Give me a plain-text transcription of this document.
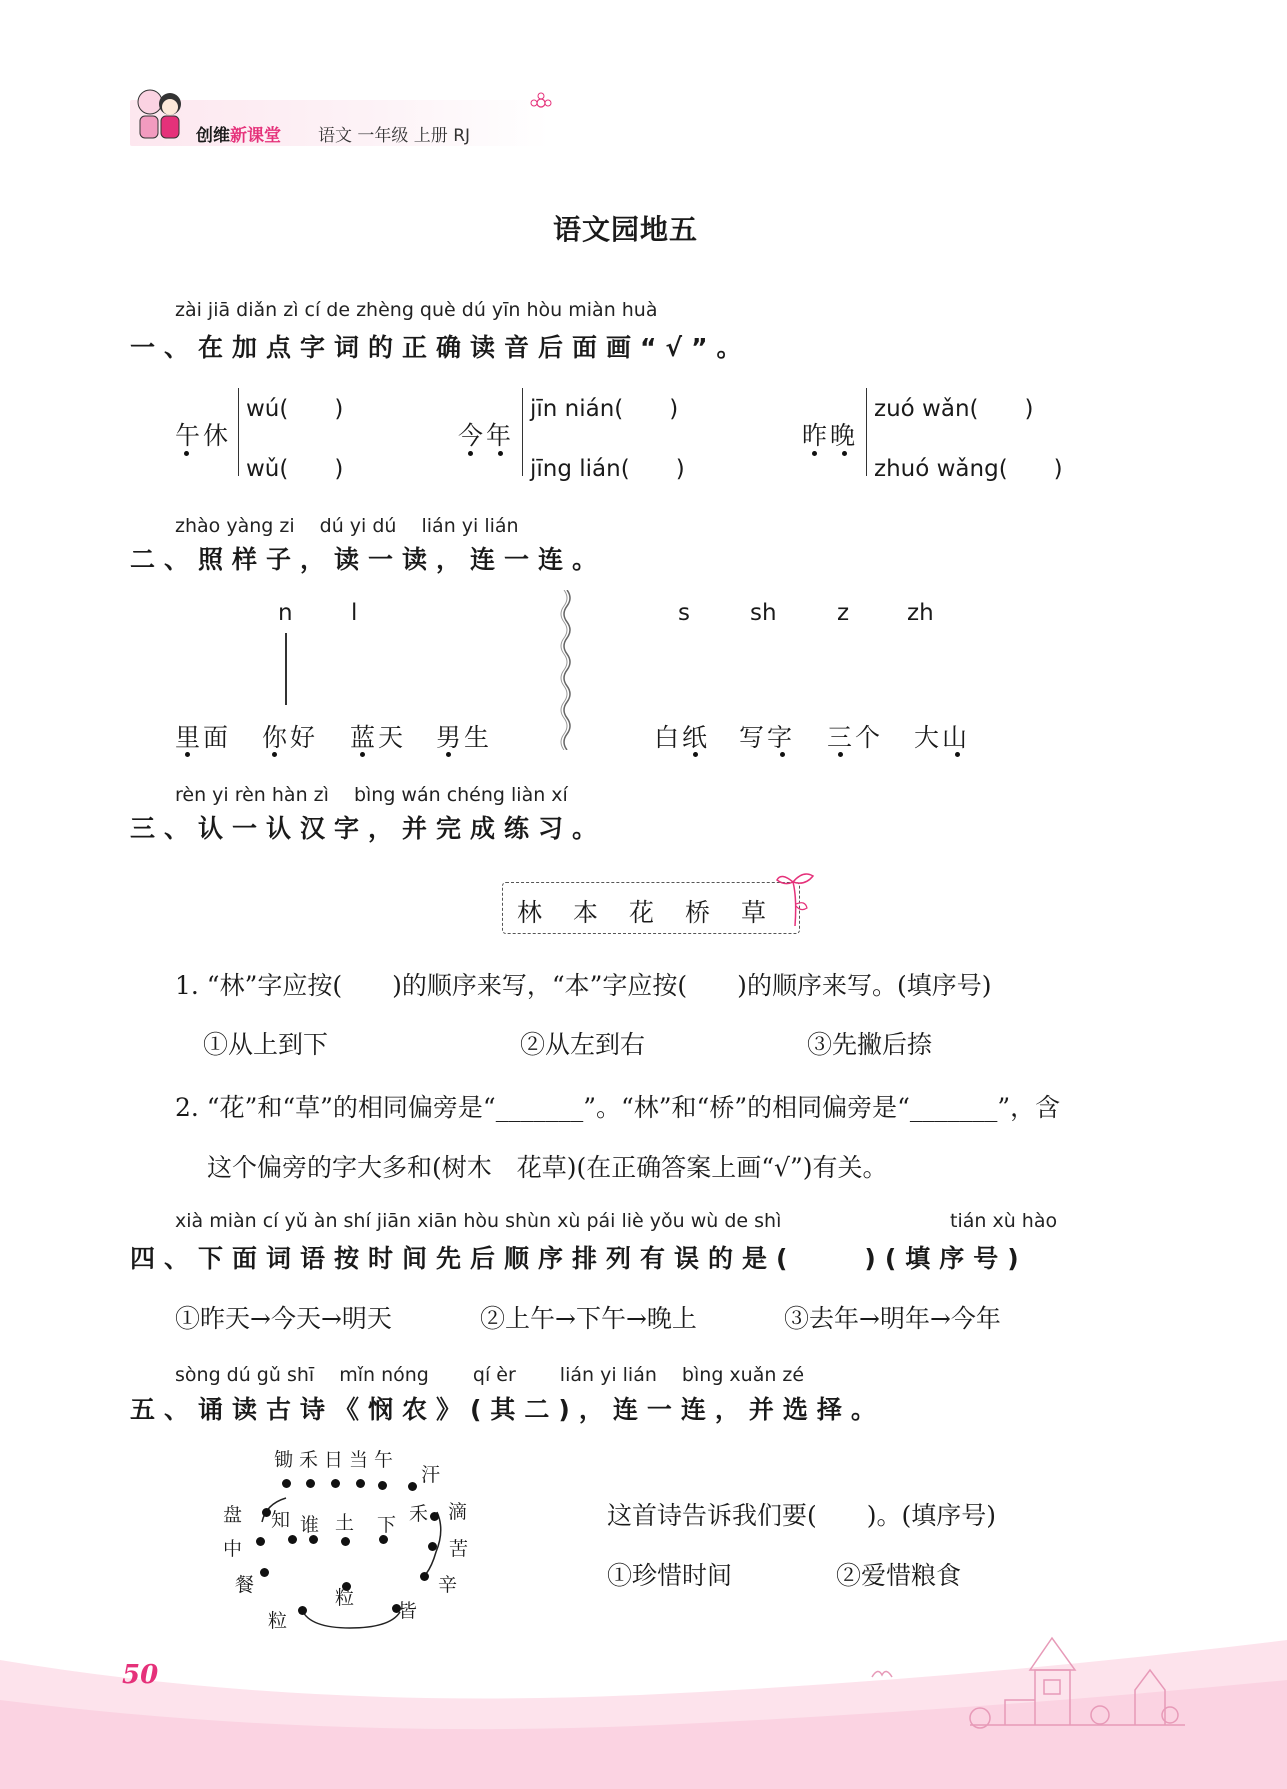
创维新课堂 语文 一年级 上册 RJ
语文园地五
zài jiā diǎn zì cí de zhèng què dú yīn hòu miàn huà
一、在加点字词的正确读音后面画“√”。
午休
wú(　　)
wǔ(　　)
今年
jīn nián(　　)
jīng lián(　　)
昨晚
zuó wǎn(　　)
zhuó wǎng(　　)
zhào yàng zi　 dú yi dú　 lián yi lián
二、照样子，读一读，连一连。
n	l
里面 你好 蓝天 男生
s	sh	z	zh
白纸 写字 三个 大山
rèn yi rèn hàn zì　 bìng wán chéng liàn xí
三、认一认汉字，并完成练习。
林　本　花　桥　草
1. “林”字应按(　　)的顺序来写，“本”字应按(　　)的顺序来写。(填序号)
①从上到下	②从左到右	③先撇后捺
2. “花”和“草”的相同偏旁是“_______”。“林”和“桥”的相同偏旁是“_______”，含
这个偏旁的字大多和(树木　花草)(在正确答案上画“√”)有关。
xià miàn cí yǔ àn shí jiān xiān hòu shùn xù pái liè yǒu wù de shì	tián xù hào
四、下面词语按时间先后顺序排列有误的是(　　)(填序号)
①昨天→今天→明天	②上午→下午→晚上	③去年→明年→今年
sòng dú gǔ shī　 mǐn nóng　　 qí èr　　 lián yi lián　 bìng xuǎn zé
五、诵读古诗《悯农》(其二)，连一连，并选择。
锄禾日当午
汗
滴
禾
下
土
苦
辛
皆
粒
粒
餐
中
盘 知 谁	这首诗告诉我们要(　　)。(填序号)
①珍惜时间	②爱惜粮食
50
